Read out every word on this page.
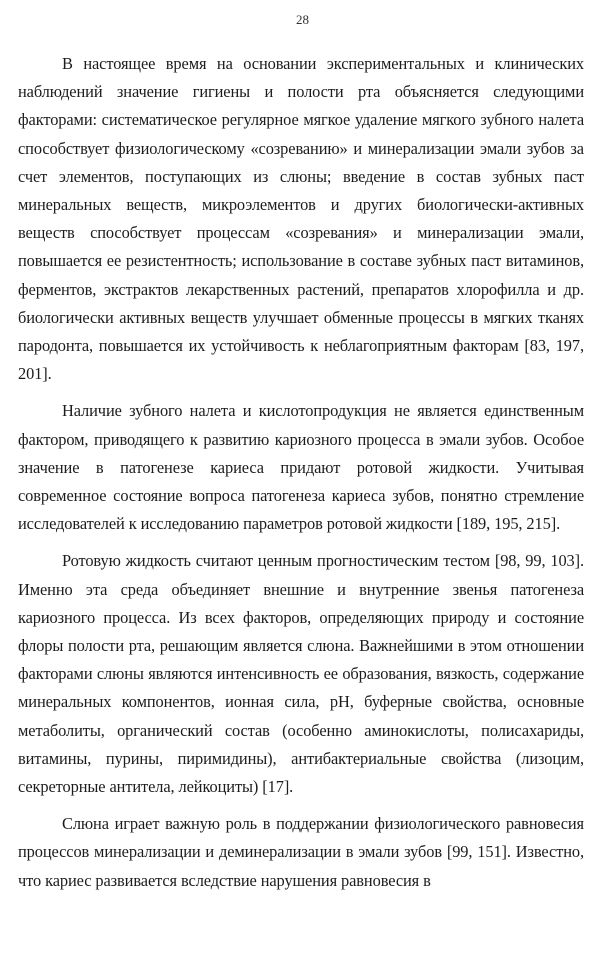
28

В настоящее время на основании экспериментальных и клинических наблюдений значение гигиены и полости рта объясняется следующими факторами: систематическое регулярное мягкое удаление мягкого зубного налета способствует физиологическому «созреванию» и минерализации эмали зубов за счет элементов, поступающих из слюны; введение в состав зубных паст минеральных веществ, микроэлементов и других биологически-активных веществ способствует процессам «созревания» и минерализации эмали, повышается ее резистентность; использование в составе зубных паст витаминов, ферментов, экстрактов лекарственных растений, препаратов хлорофилла и др. биологически активных веществ улучшает обменные процессы в мягких тканях пародонта, повышается их устойчивость к неблагоприятным факторам [83, 197, 201].

Наличие зубного налета и кислотопродукция не является единственным фактором, приводящего к развитию кариозного процесса в эмали зубов. Особое значение в патогенезе кариеса придают ротовой жидкости. Учитывая современное состояние вопроса патогенеза кариеса зубов, понятно стремление исследователей к исследованию параметров ротовой жидкости [189, 195, 215].

Ротовую жидкость считают ценным прогностическим тестом [98, 99, 103]. Именно эта среда объединяет внешние и внутренние звенья патогенеза кариозного процесса. Из всех факторов, определяющих природу и состояние флоры полости рта, решающим является слюна. Важнейшими в этом отношении факторами слюны являются интенсивность ее образования, вязкость, содержание минеральных компонентов, ионная сила, pH, буферные свойства, основные метаболиты, органический состав (особенно аминокислоты, полисахариды, витамины, пурины, пиримидины), антибактериальные свойства (лизоцим, секреторные антитела, лейкоциты) [17].

Слюна играет важную роль в поддержании физиологического равновесия процессов минерализации и деминерализации в эмали зубов [99, 151]. Известно, что кариес развивается вследствие нарушения равновесия в
